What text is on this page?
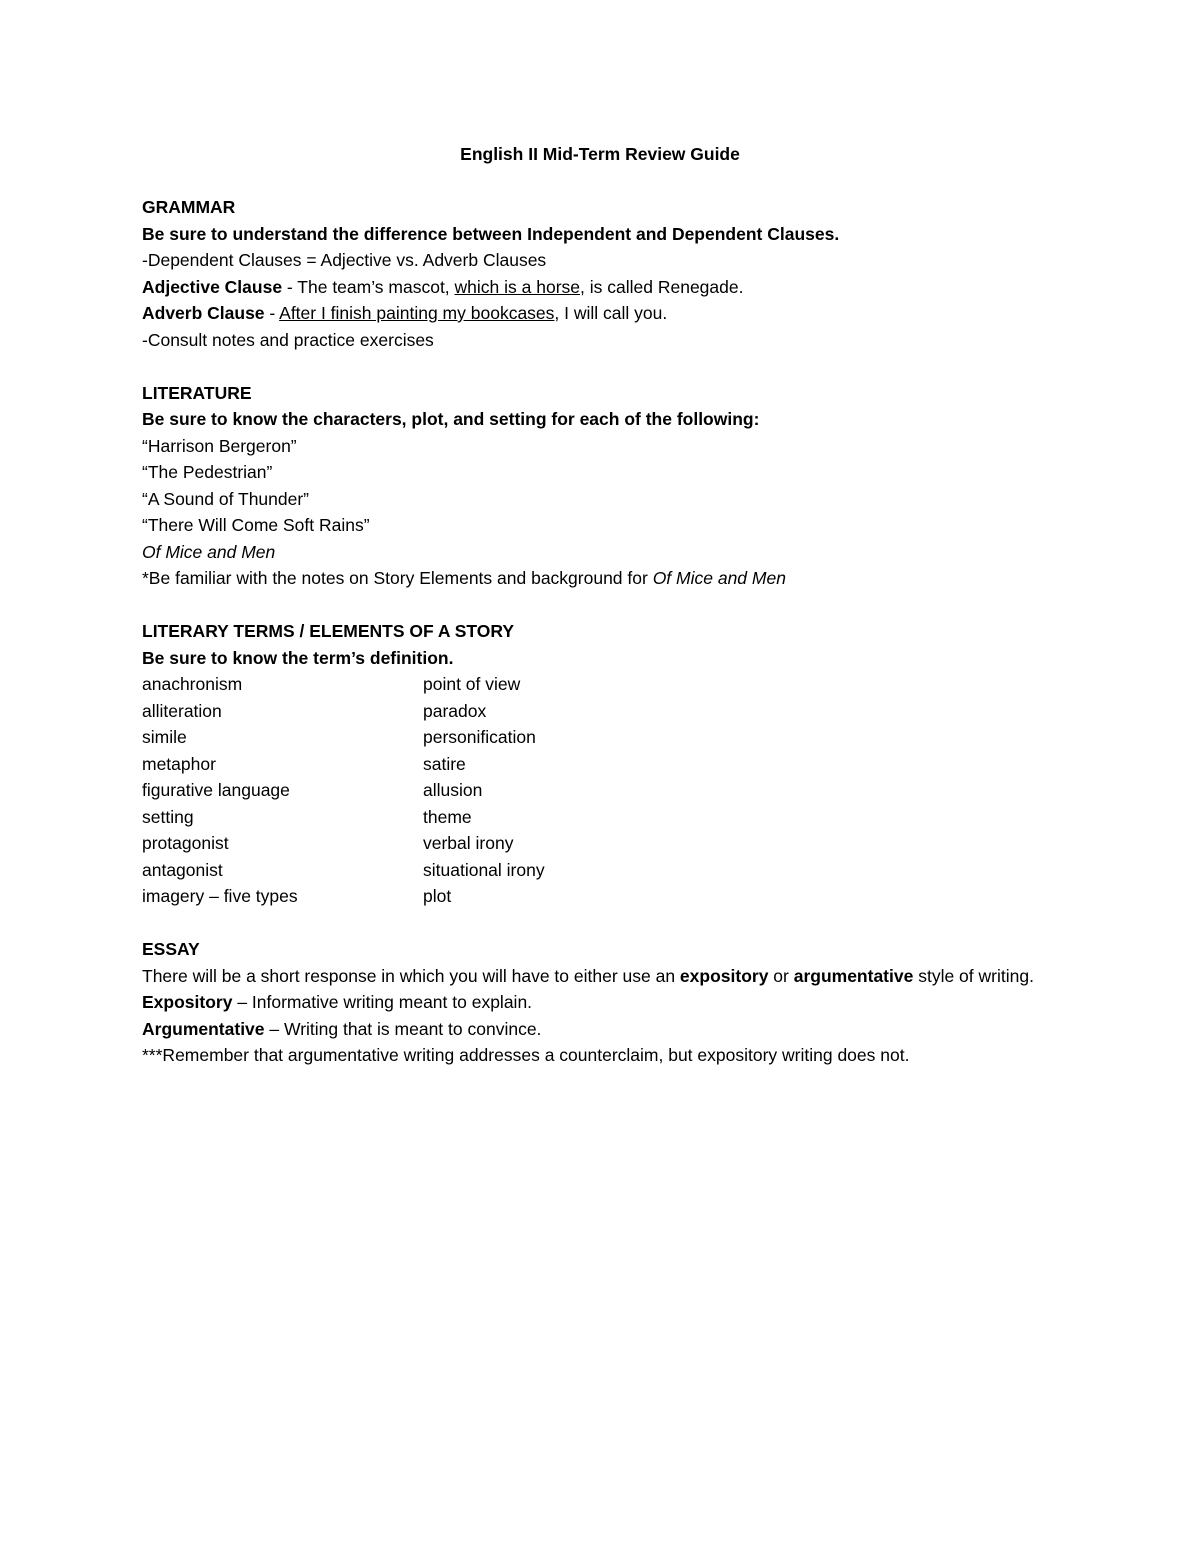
English II Mid-Term Review Guide
GRAMMAR
Be sure to understand the difference between Independent and Dependent Clauses.
-Dependent Clauses = Adjective vs. Adverb Clauses
Adjective Clause - The team’s mascot, which is a horse, is called Renegade.
Adverb Clause - After I finish painting my bookcases, I will call you.
-Consult notes and practice exercises
LITERATURE
Be sure to know the characters, plot, and setting for each of the following:
“Harrison Bergeron”
“The Pedestrian”
“A Sound of Thunder”
“There Will Come Soft Rains”
Of Mice and Men
*Be familiar with the notes on Story Elements and background for Of Mice and Men
LITERARY TERMS / ELEMENTS OF A STORY
Be sure to know the term’s definition.
anachronism	point of view
alliteration	paradox
simile	personification
metaphor	satire
figurative language	allusion
setting	theme
protagonist	verbal irony
antagonist	situational irony
imagery – five types	plot
ESSAY
There will be a short response in which you will have to either use an expository or argumentative style of writing.
Expository – Informative writing meant to explain.
Argumentative – Writing that is meant to convince.
***Remember that argumentative writing addresses a counterclaim, but expository writing does not.
